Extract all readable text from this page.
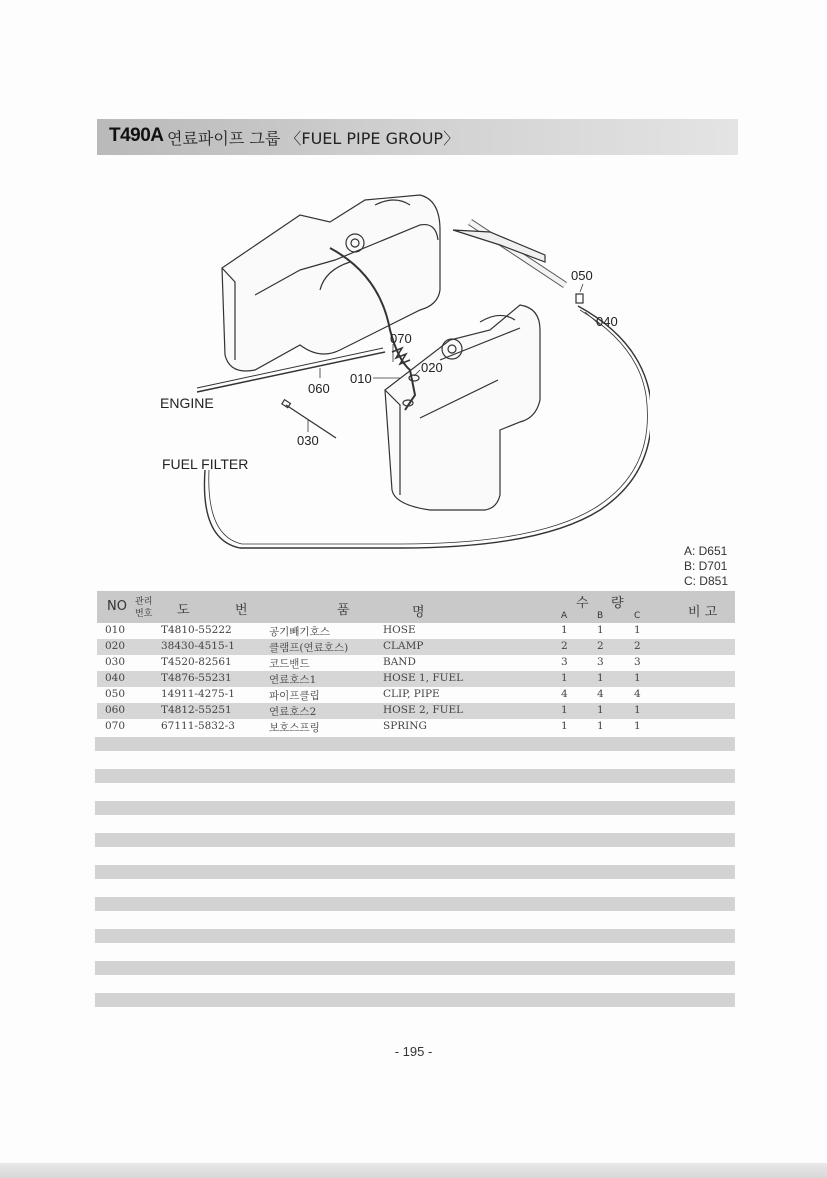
T490A 연료파이프 그룹 〈FUEL PIPE GROUP〉
ENGINE
FUEL FILTER
010
020
030
040
050
060
070
A: D651
B: D701
C: D851
NO 관리
번호 도	번	품	명
수 량
A	B	C	비 고
010	T4810-55222	공기빼기호스	HOSE	1	1	1
020	38430-4515-1	클램프(연료호스)	CLAMP	2	2	2
030	T4520-82561	코드밴드	BAND	3	3	3
040	T4876-55231	연료호스1	HOSE 1, FUEL	1	1	1
050	14911-4275-1	파이프클립	CLIP, PIPE	4	4	4
060	T4812-55251	연료호스2	HOSE 2, FUEL	1	1	1
070	67111-5832-3	보호스프링	SPRING	1	1	1
- 195 -
